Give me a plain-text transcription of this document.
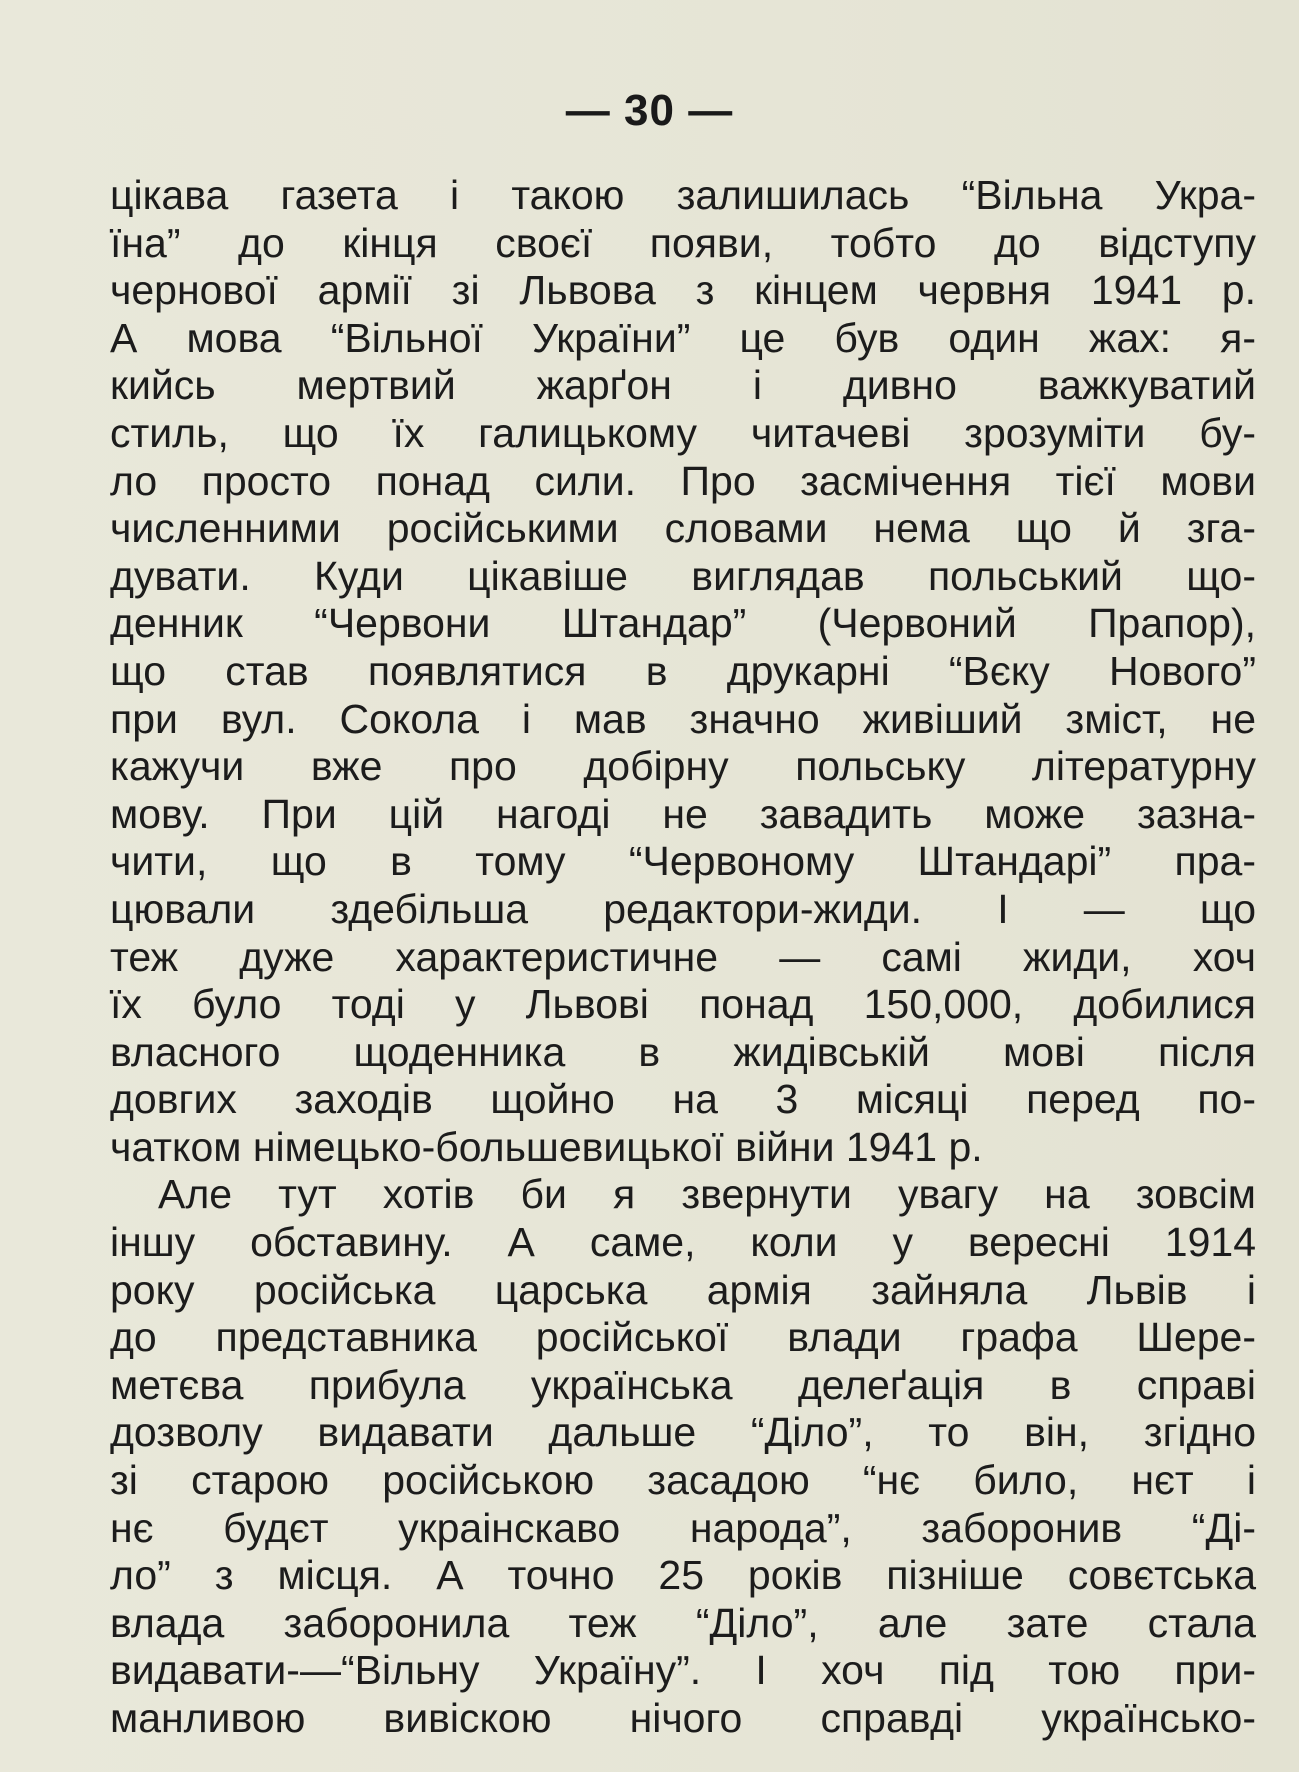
— 30 —
цікава газета і такою залишилась “Вільна Укра-
їна” до кінця своєї появи, тобто до відступу
чернової армії зі Львова з кінцем червня 1941 р.
А мова “Вільної України” це був один жах: я-
кийсь мертвий жарґон і дивно важкуватий
стиль, що їх галицькому читачеві зрозуміти бу-
ло просто понад сили. Про засмічення тієї мови
численними російськими словами нема що й зга-
дувати. Куди цікавіше виглядав польський що-
денник “Червони Штандар” (Червоний Прапор),
що став появлятися в друкарні “Вєку Нового”
при вул. Сокола і мав значно живіший зміст, не
кажучи вже про добірну польську літературну
мову. При цій нагоді не завадить може зазна-
чити, що в тому “Червоному Штандарі” пра-
цювали здебільша редактори-жиди. І — що
теж дуже характеристичне — самі жиди, хоч
їх було тоді у Львові понад 150,000, добилися
власного щоденника в жидівській мові після
довгих заходів щойно на 3 місяці перед по-
чатком німецько-большевицької війни 1941 р.
Але тут хотів би я звернути увагу на зовсім
іншу обставину. А саме, коли у вересні 1914
року російська царська армія зайняла Львів і
до представника російської влади графа Шере-
метєва прибула українська делеґація в справі
дозволу видавати дальше “Діло”, то він, згідно
зі старою російською засадою “нє било, нєт і
нє будєт украінскаво народа”, заборонив “Ді-
ло” з місця. А точно 25 років пізніше совєтська
влада заборонила теж “Діло”, але зате стала
видавати-—“Вільну Україну”. І хоч під тою при-
манливою вивіскою нічого справді українсько-
